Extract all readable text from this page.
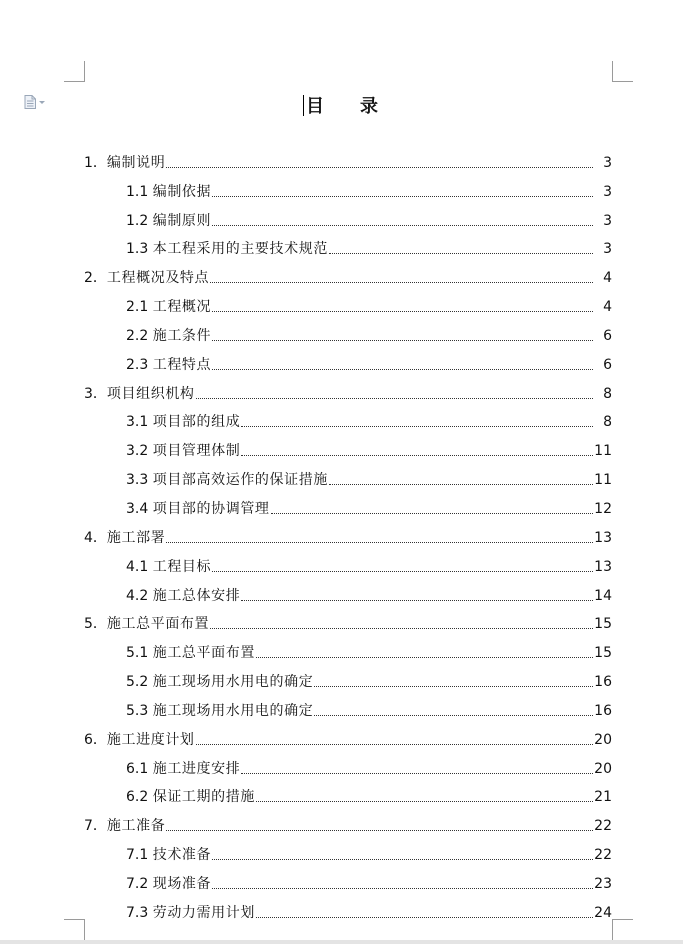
目 录
1． 编制说明	3
1.1 编制依据	3
1.2 编制原则	3
1.3 本工程采用的主要技术规范	3
2． 工程概况及特点	4
2.1 工程概况	4
2.2 施工条件	6
2.3 工程特点	6
3． 项目组织机构	8
3.1 项目部的组成	8
3.2 项目管理体制	11
3.3 项目部高效运作的保证措施	11
3.4 项目部的协调管理	12
4． 施工部署	13
4.1 工程目标	13
4.2 施工总体安排	14
5． 施工总平面布置	15
5.1 施工总平面布置	15
5.2 施工现场用水用电的确定	16
5.3 施工现场用水用电的确定	16
6． 施工进度计划	20
6.1 施工进度安排	20
6.2 保证工期的措施	21
7． 施工准备	22
7.1 技术准备	22
7.2 现场准备	23
7.3 劳动力需用计划	24
